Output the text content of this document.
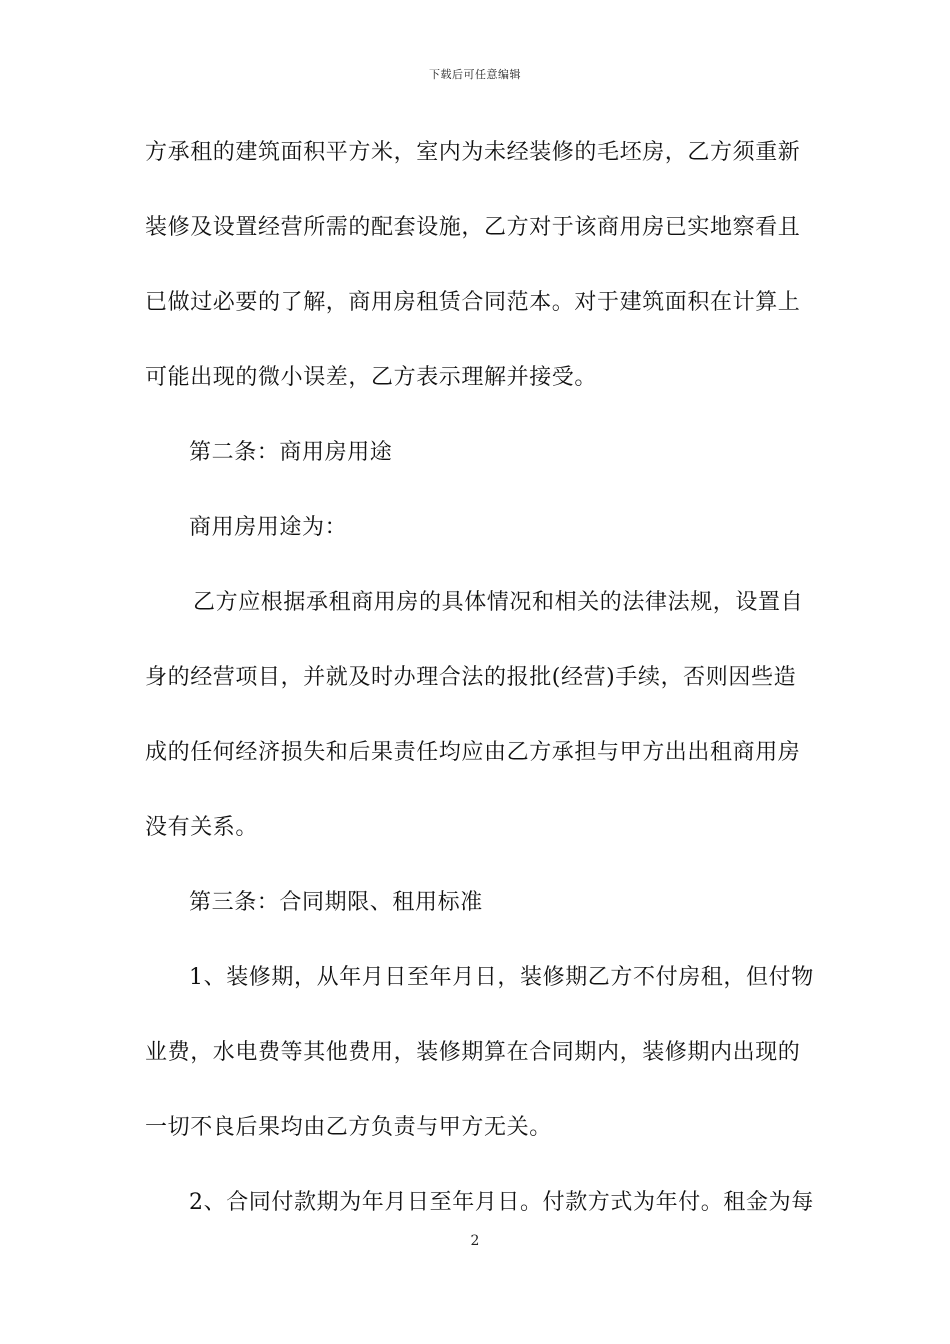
下载后可任意编辑
方承租的建筑面积平方米，室内为未经装修的毛坯房，乙方须重新
装修及设置经营所需的配套设施，乙方对于该商用房已实地察看且
已做过必要的了解，商用房租赁合同范本。对于建筑面积在计算上
可能出现的微小误差，乙方表示理解并接受。
第二条：商用房用途
商用房用途为：
乙方应根据承租商用房的具体情况和相关的法律法规，设置自
身的经营项目，并就及时办理合法的报批(经营)手续，否则因些造
成的任何经济损失和后果责任均应由乙方承担与甲方出出租商用房
没有关系。
第三条：合同期限、租用标准
1、装修期，从年月日至年月日，装修期乙方不付房租，但付物
业费，水电费等其他费用，装修期算在合同期内，装修期内出现的
一切不良后果均由乙方负责与甲方无关。
2、合同付款期为年月日至年月日。付款方式为年付。租金为每
2
